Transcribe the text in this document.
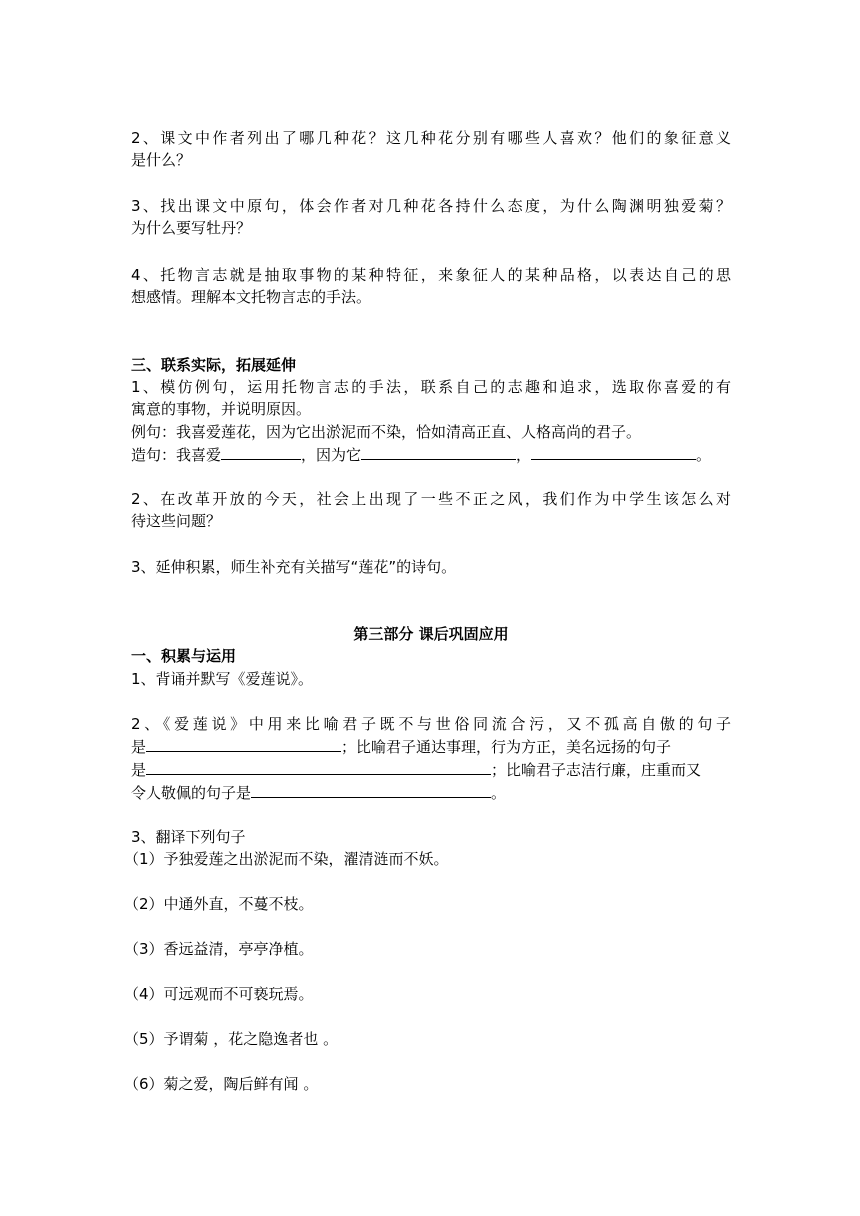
2、课文中作者列出了哪几种花？这几种花分别有哪些人喜欢？他们的象征意义
是什么？
3、找出课文中原句，体会作者对几种花各持什么态度，为什么陶渊明独爱菊？
为什么要写牡丹？
4、托物言志就是抽取事物的某种特征，来象征人的某种品格，以表达自己的思
想感情。理解本文托物言志的手法。
三、联系实际，拓展延伸
1、模仿例句，运用托物言志的手法，联系自己的志趣和追求，选取你喜爱的有
寓意的事物，并说明原因。
例句：我喜爱莲花，因为它出淤泥而不染，恰如清高正直、人格高尚的君子。
造句：我喜爱	，因为它	，	。
2、在改革开放的今天，社会上出现了一些不正之风，我们作为中学生该怎么对
待这些问题？
3、延伸积累，师生补充有关描写“莲花”的诗句。
第三部分 课后巩固应用
一、积累与运用
1、背诵并默写《爱莲说》。
2、《爱莲说》中用来比喻君子既不与世俗同流合污，又不孤高自傲的句子
是	；比喻君子通达事理，行为方正，美名远扬的句子
是	；比喻君子志洁行廉，庄重而又
令人敬佩的句子是	。
3、翻译下列句子
（1）予独爱莲之出淤泥而不染，濯清涟而不妖。
（2）中通外直，不蔓不枝。
（3）香远益清，亭亭净植。
（4）可远观而不可亵玩焉。
（5）予谓菊 ，花之隐逸者也 。
（6）菊之爱，陶后鲜有闻 。
